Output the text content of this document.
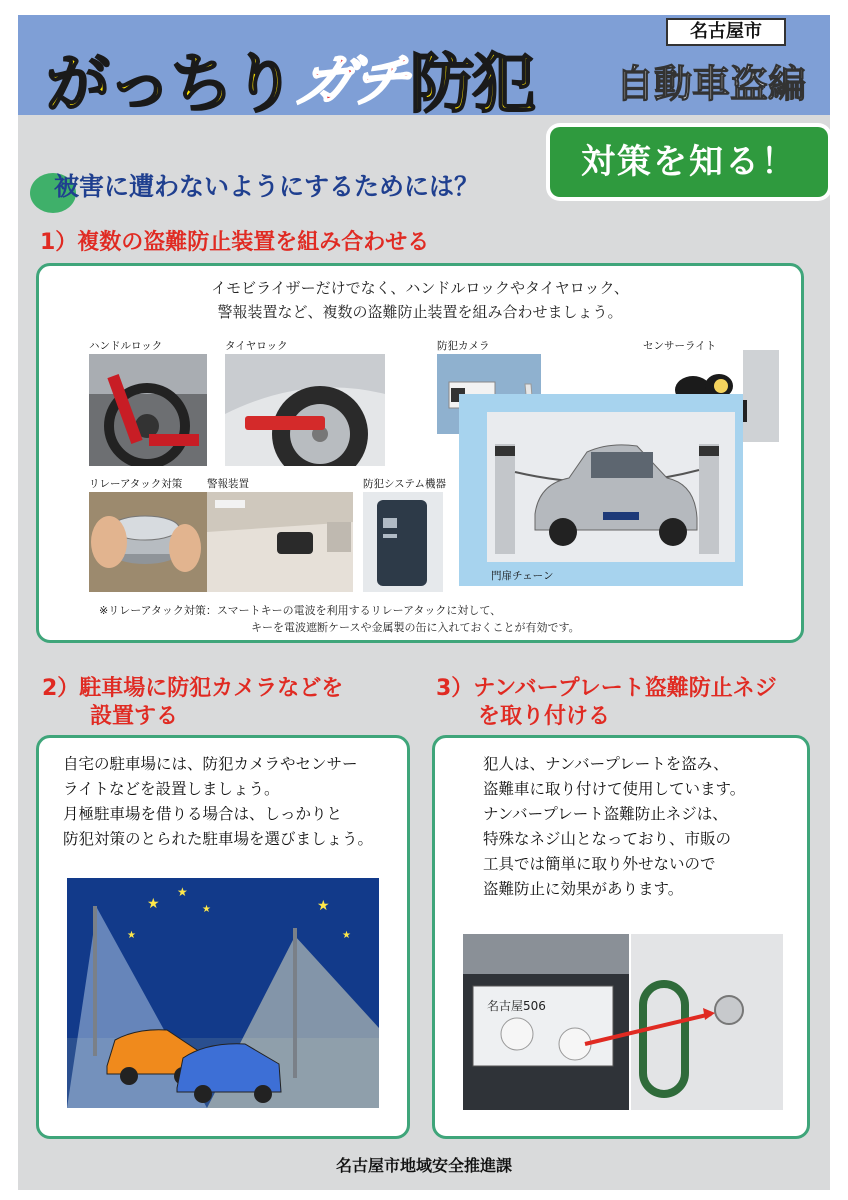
がっちりガチ防犯
名古屋市
自動車盗編
被害に遭わないようにするためには？
対策を知る！
1）複数の盗難防止装置を組み合わせる
イモビライザーだけでなく、ハンドルロックやタイヤロック、
警報装置など、複数の盗難防止装置を組み合わせましょう。
ハンドルロック	タイヤロック	防犯カメラ	センサーライト
リレーアタック対策 警報装置	防犯システム機器
門扉チェーン
※リレーアタック対策：スマートキーの電波を利用するリレーアタックに対して、
キーを電波遮断ケースや金属製の缶に入れておくことが有効です。
2）駐車場に防犯カメラなどを
設置する
自宅の駐車場には、防犯カメラやセンサー
ライトなどを設置しましょう。
月極駐車場を借りる場合は、しっかりと
防犯対策のとられた駐車場を選びましょう。
★
★
★	★
★
★
3）ナンバープレート盗難防止ネジ
を取り付ける
犯人は、ナンバープレートを盗み、
盗難車に取り付けて使用しています。
ナンバープレート盗難防止ネジは、
特殊なネジ山となっており、市販の
工具では簡単に取り外せないので
盗難防止に効果があります。
名古屋506
名古屋市地域安全推進課
